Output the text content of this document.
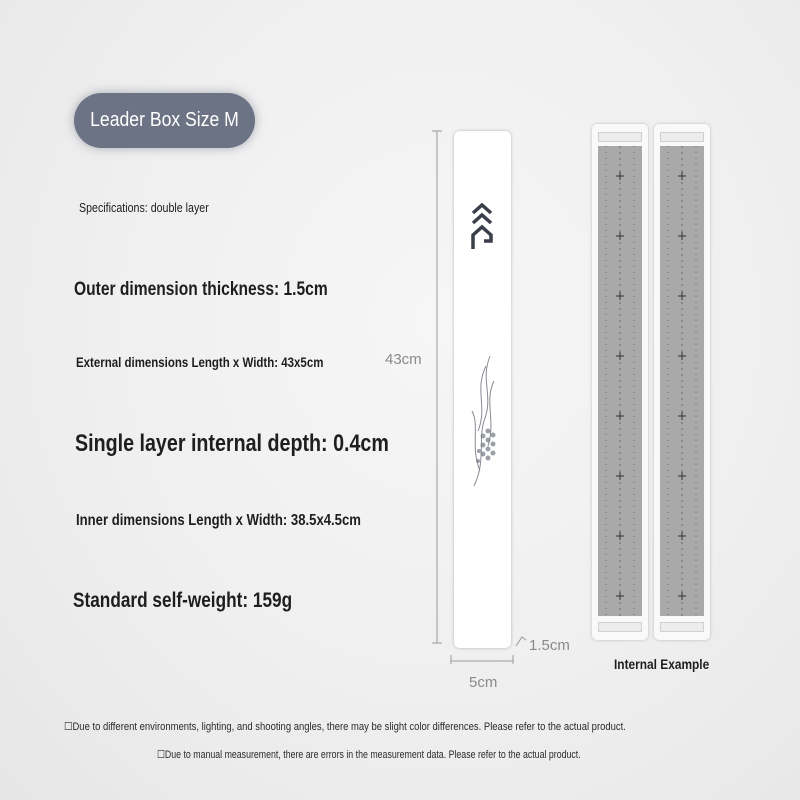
Leader Box Size M
Specifications: double layer
Outer dimension thickness: 1.5cm
External dimensions Length x Width: 43x5cm
Single layer internal depth: 0.4cm
Inner dimensions Length x Width: 38.5x4.5cm
Standard self-weight: 159g
43cm
5cm
1.5cm
Internal Example
☐Due to different environments, lighting, and shooting angles, there may be slight color differences. Please refer to the actual product.
☐Due to manual measurement, there are errors in the measurement data. Please refer to the actual product.
